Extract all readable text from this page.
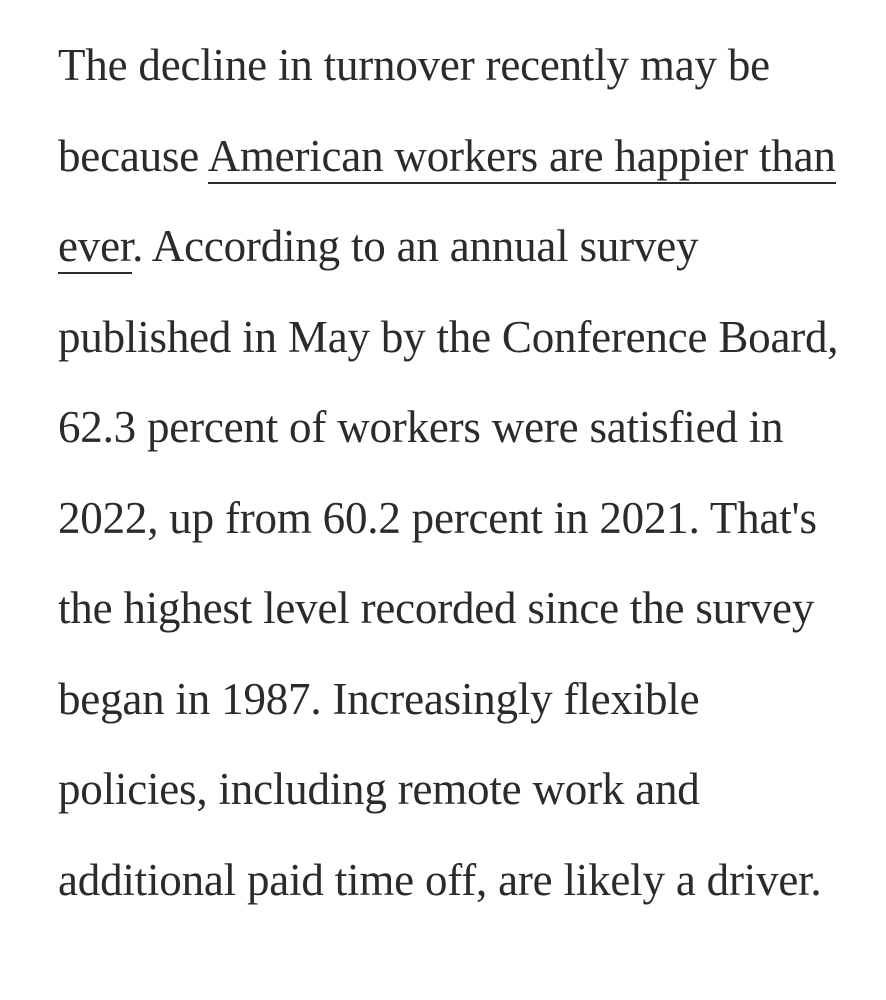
The decline in turnover recently may be because American workers are happier than ever. According to an annual survey published in May by the Conference Board, 62.3 percent of workers were satisfied in 2022, up from 60.2 percent in 2021. That's the highest level recorded since the survey began in 1987. Increasingly flexible policies, including remote work and additional paid time off, are likely a driver.
